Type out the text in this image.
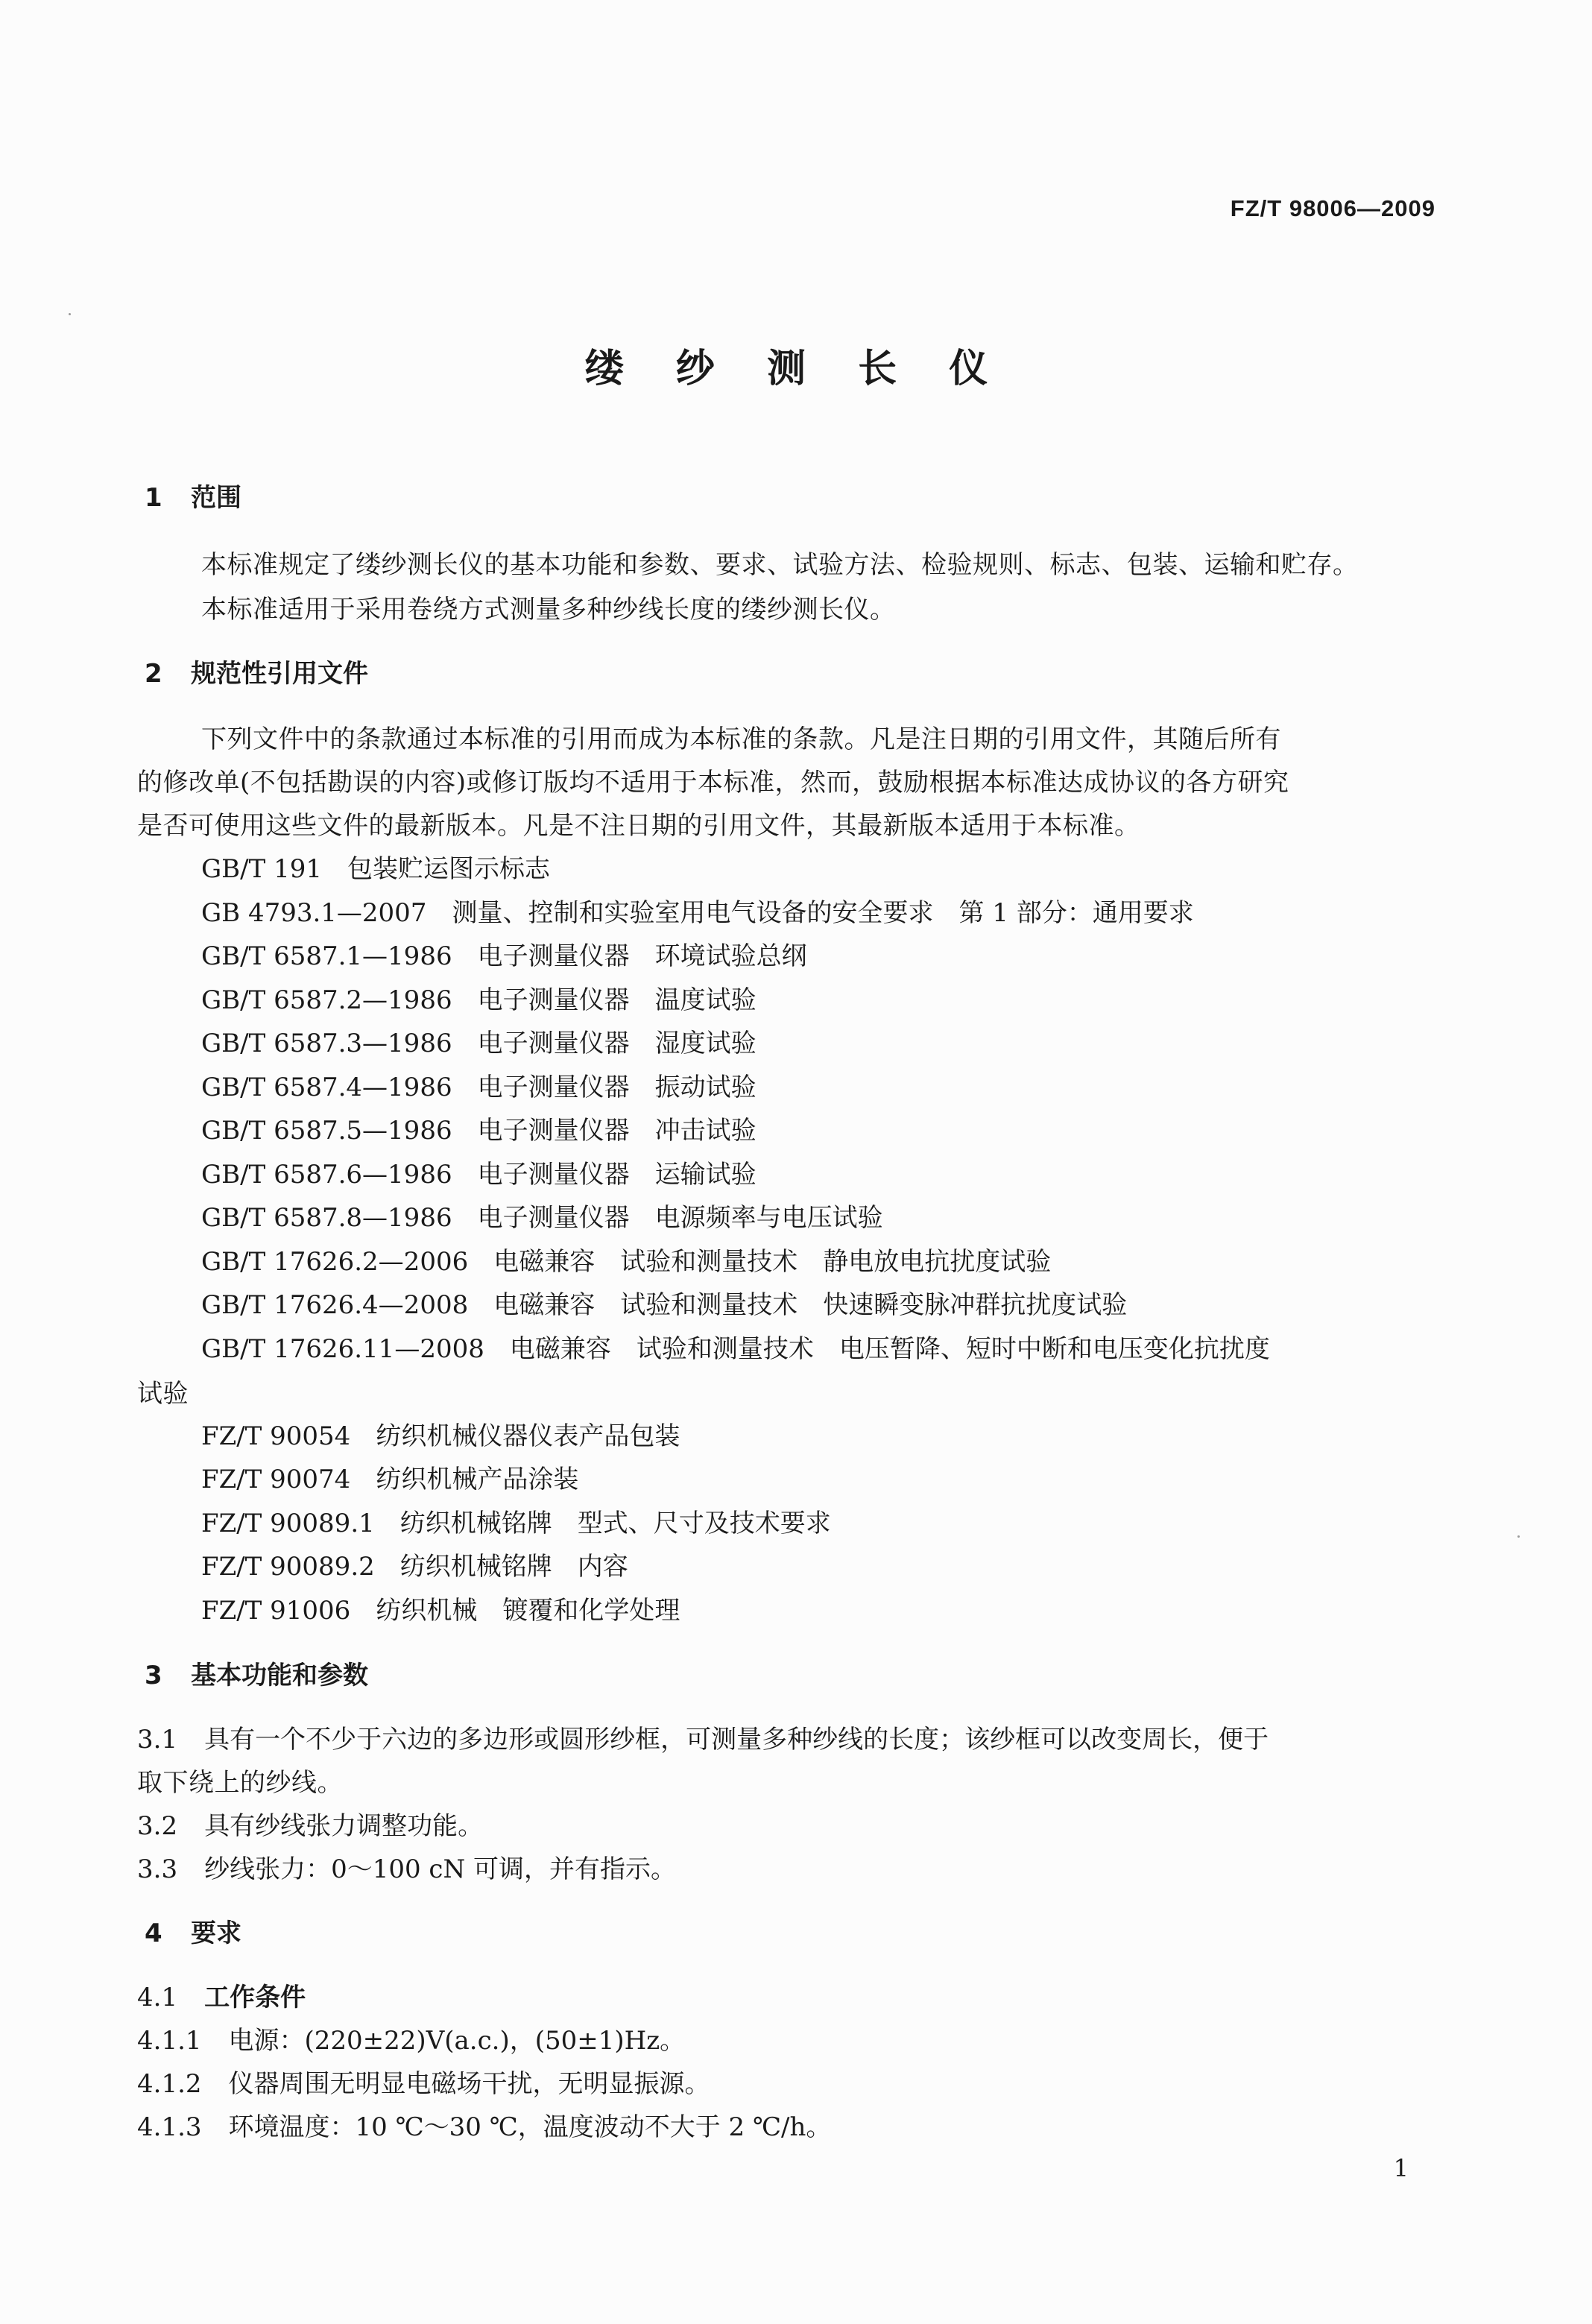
FZ/T 98006—2009
缕 纱 测 长 仪
1 范围
本标准规定了缕纱测长仪的基本功能和参数、要求、试验方法、检验规则、标志、包装、运输和贮存。
本标准适用于采用卷绕方式测量多种纱线长度的缕纱测长仪。
2 规范性引用文件
下列文件中的条款通过本标准的引用而成为本标准的条款。凡是注日期的引用文件，其随后所有
的修改单(不包括勘误的内容)或修订版均不适用于本标准，然而，鼓励根据本标准达成协议的各方研究
是否可使用这些文件的最新版本。凡是不注日期的引用文件，其最新版本适用于本标准。
GB/T 191　 包装贮运图示标志
GB 4793.1—2007　 测量、控制和实验室用电气设备的安全要求　第 1 部分：通用要求
GB/T 6587.1—1986　 电子测量仪器　环境试验总纲
GB/T 6587.2—1986　 电子测量仪器　温度试验
GB/T 6587.3—1986　 电子测量仪器　湿度试验
GB/T 6587.4—1986　 电子测量仪器　振动试验
GB/T 6587.5—1986　 电子测量仪器　冲击试验
GB/T 6587.6—1986　 电子测量仪器　运输试验
GB/T 6587.8—1986　 电子测量仪器　电源频率与电压试验
GB/T 17626.2—2006　 电磁兼容　试验和测量技术　静电放电抗扰度试验
GB/T 17626.4—2008　 电磁兼容　试验和测量技术　快速瞬变脉冲群抗扰度试验
GB/T 17626.11—2008　 电磁兼容　试验和测量技术　电压暂降、短时中断和电压变化抗扰度
FZ/T 90054　 纺织机械仪器仪表产品包装
FZ/T 90074　 纺织机械产品涂装
FZ/T 90089.1　 纺织机械铭牌　型式、尺寸及技术要求
FZ/T 90089.2　 纺织机械铭牌　内容
FZ/T 91006　 纺织机械　镀覆和化学处理
试验
3 基本功能和参数
3.1 具有一个不少于六边的多边形或圆形纱框，可测量多种纱线的长度；该纱框可以改变周长，便于
取下绕上的纱线。
3.2 具有纱线张力调整功能。
3.3 纱线张力：0～100 cN 可调，并有指示。
4 要求
4.1 工作条件
4.1.1 电源：(220±22)V(a.c.)，(50±1)Hz。
4.1.2 仪器周围无明显电磁场干扰，无明显振源。
4.1.3 环境温度：10 ℃～30 ℃，温度波动不大于 2 ℃/h。
1
